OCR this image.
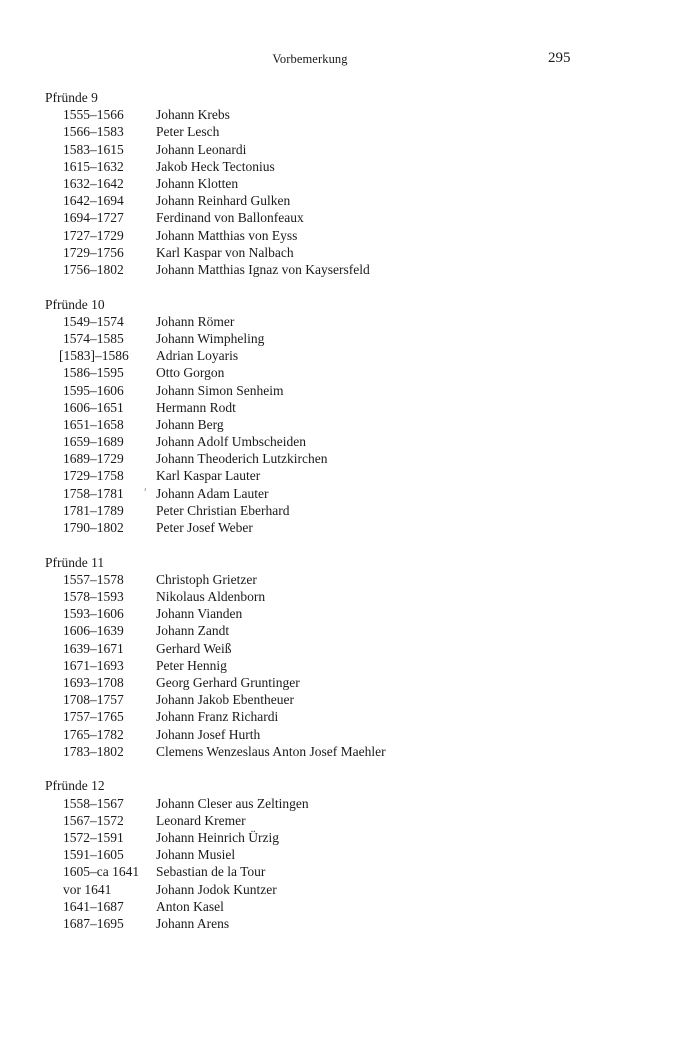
Vorbemerkung	295
Pfründe 9
1555–1566 Johann Krebs
1566–1583 Peter Lesch
1583–1615 Johann Leonardi
1615–1632 Jakob Heck Tectonius
1632–1642 Johann Klotten
1642–1694 Johann Reinhard Gulken
1694–1727 Ferdinand von Ballonfeaux
1727–1729 Johann Matthias von Eyss
1729–1756 Karl Kaspar von Nalbach
1756–1802 Johann Matthias Ignaz von Kaysersfeld
Pfründe 10
1549–1574 Johann Römer
1574–1585 Johann Wimpheling
[1583]–1586 Adrian Loyaris
1586–1595 Otto Gorgon
1595–1606 Johann Simon Senheim
1606–1651 Hermann Rodt
1651–1658 Johann Berg
1659–1689 Johann Adolf Umbscheiden
1689–1729 Johann Theoderich Lutzkirchen
1729–1758 Karl Kaspar Lauter
1758–1781 ʴ Johann Adam Lauter
1781–1789 Peter Christian Eberhard
1790–1802 Peter Josef Weber
Pfründe 11
1557–1578 Christoph Grietzer
1578–1593 Nikolaus Aldenborn
1593–1606 Johann Vianden
1606–1639 Johann Zandt
1639–1671 Gerhard Weiß
1671–1693 Peter Hennig
1693–1708 Georg Gerhard Gruntinger
1708–1757 Johann Jakob Ebentheuer
1757–1765 Johann Franz Richardi
1765–1782 Johann Josef Hurth
1783–1802 Clemens Wenzeslaus Anton Josef Maehler
Pfründe 12
1558–1567 Johann Cleser aus Zeltingen
1567–1572 Leonard Kremer
1572–1591 Johann Heinrich Ürzig
1591–1605 Johann Musiel
1605–ca 1641 Sebastian de la Tour
vor 1641	Johann Jodok Kuntzer
1641–1687 Anton Kasel
1687–1695 Johann Arens
